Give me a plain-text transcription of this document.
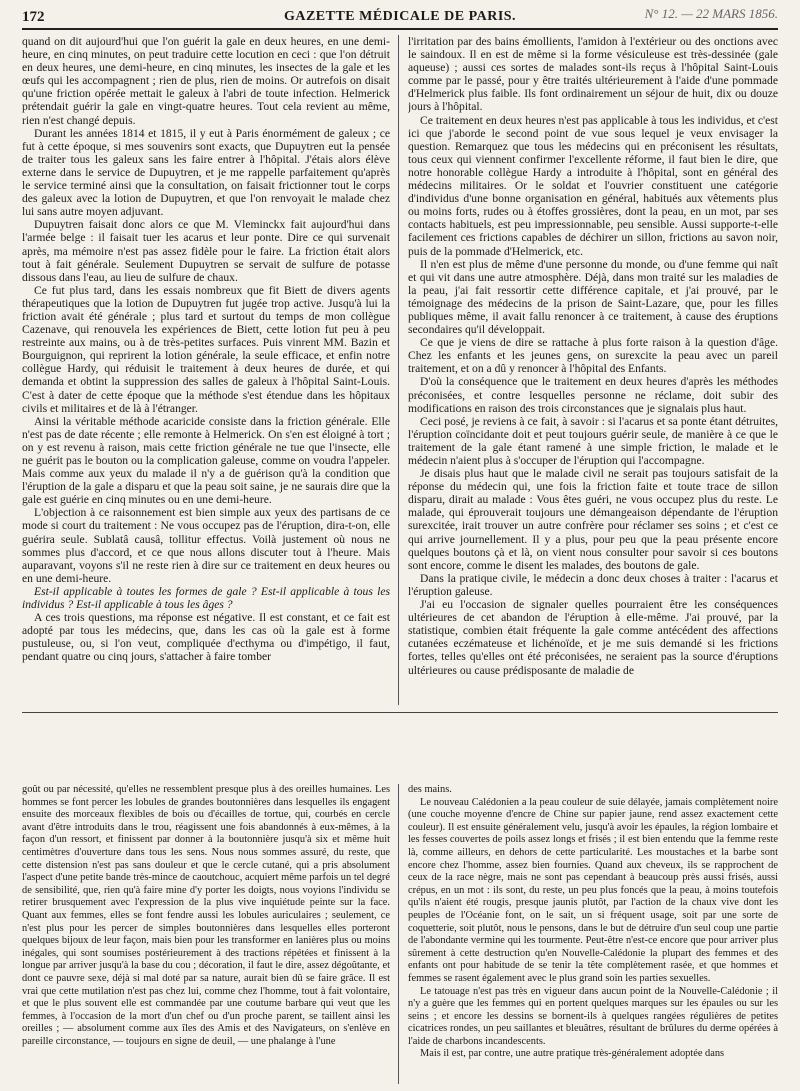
172	GAZETTE MÉDICALE DE PARIS.	N° 12. — 22 MARS 1856.

quand on dit aujourd'hui que l'on guérit la gale en deux heures, en une demi-heure, en cinq minutes, on peut traduire cette locution en ceci : que l'on détruit en deux heures, une demi-heure, en cinq minutes, les insectes de la gale et les œufs qui les accompagnent ; rien de plus, rien de moins. Or autrefois on disait qu'une friction opérée mettait le galeux à l'abri de toute infection. Helmerick prétendait guérir la gale en vingt-quatre heures. Tout cela revient au même, rien n'est changé depuis.

Durant les années 1814 et 1815, il y eut à Paris énormément de galeux ; ce fut à cette époque, si mes souvenirs sont exacts, que Dupuytren eut la pensée de traiter tous les galeux sans les faire entrer à l'hôpital. J'étais alors élève externe dans le service de Dupuytren, et je me rappelle parfaitement qu'après le service terminé ainsi que la consultation, on faisait frictionner tout le corps des galeux avec la lotion de Dupuytren, et que l'on renvoyait le malade chez lui sans autre moyen adjuvant.

Dupuytren faisait donc alors ce que M. Vleminckx fait aujourd'hui dans l'armée belge : il faisait tuer les acarus et leur ponte. Dire ce qui survenait après, ma mémoire n'est pas assez fidèle pour le faire. La friction était alors tout à fait générale. Seulement Dupuytren se servait de sulfure de potasse dissous dans l'eau, au lieu de sulfure de chaux.

Ce fut plus tard, dans les essais nombreux que fit Biett de divers agents thérapeutiques que la lotion de Dupuytren fut jugée trop active. Jusqu'à lui la friction avait été générale ; plus tard et surtout du temps de mon collègue Cazenave, qui renouvela les expériences de Biett, cette lotion fut peu à peu restreinte aux mains, ou à de très-petites surfaces. Puis vinrent MM. Bazin et Bourguignon, qui reprirent la lotion générale, la seule efficace, et enfin notre collègue Hardy, qui réduisit le traitement à deux heures de durée, et qui demanda et obtint la suppression des salles de galeux à l'hôpital Saint-Louis. C'est à dater de cette époque que la méthode s'est étendue dans les hôpitaux civils et militaires et de là à l'étranger.

Ainsi la véritable méthode acaricide consiste dans la friction générale. Elle n'est pas de date récente ; elle remonte à Helmerick. On s'en est éloigné à tort ; on y est revenu à raison, mais cette friction générale ne tue que l'insecte, elle ne guérit pas le bouton ou la complication galeuse, comme on voudra l'appeler. Mais comme aux yeux du malade il n'y a de guérison qu'à la condition que l'éruption de la gale a disparu et que la peau soit saine, je ne saurais dire que la gale est guérie en cinq minutes ou en une demi-heure.

L'objection à ce raisonnement est bien simple aux yeux des partisans de ce mode si court du traitement : Ne vous occupez pas de l'éruption, dira-t-on, elle guérira seule. Sublatâ causâ, tollitur effectus. Voilà justement où nous ne sommes plus d'accord, et ce que nous allons discuter tout à l'heure. Mais auparavant, voyons s'il ne reste rien à dire sur ce traitement en deux heures ou en une demi-heure.

Est-il applicable à toutes les formes de gale ? Est-il applicable à tous les individus ? Est-il applicable à tous les âges ?

A ces trois questions, ma réponse est négative. Il est constant, et ce fait est adopté par tous les médecins, que, dans les cas où la gale est à forme pustuleuse, ou, si l'on veut, compliquée d'ecthyma ou d'impétigo, il faut, pendant quatre ou cinq jours, s'attacher à faire tomber

l'irritation par des bains émollients, l'amidon à l'extérieur ou des onctions avec le saindoux. Il en est de même si la forme vésiculeuse est très-dessinée (gale aqueuse) ; aussi ces sortes de malades sont-ils reçus à l'hôpital Saint-Louis comme par le passé, pour y être traités ultérieurement à l'aide d'une pommade d'Helmerick plus faible. Ils font ordinairement un séjour de huit, dix ou douze jours à l'hôpital.

Ce traitement en deux heures n'est pas applicable à tous les individus, et c'est ici que j'aborde le second point de vue sous lequel je veux envisager la question. Remarquez que tous les médecins qui en préconisent les résultats, tous ceux qui viennent confirmer l'excellente réforme, il faut bien le dire, que notre honorable collègue Hardy a introduite à l'hôpital, sont en général des médecins militaires. Or le soldat et l'ouvrier constituent une catégorie d'individus d'une bonne organisation en général, habitués aux vêtements plus ou moins forts, rudes ou à étoffes grossières, dont la peau, en un mot, par ses contacts habituels, est peu impressionnable, peu sensible. Aussi supporte-t-elle facilement ces frictions capables de déchirer un sillon, frictions au savon noir, puis de la pommade d'Helmerick, etc.

Il n'en est plus de même d'une personne du monde, ou d'une femme qui naît et qui vit dans une autre atmosphère. Déjà, dans mon traité sur les maladies de la peau, j'ai fait ressortir cette différence capitale, et j'ai prouvé, par le témoignage des médecins de la prison de Saint-Lazare, que, pour les filles publiques même, il avait fallu renoncer à ce traitement, à cause des éruptions secondaires qu'il développait.

Ce que je viens de dire se rattache à plus forte raison à la question d'âge. Chez les enfants et les jeunes gens, on surexcite la peau avec un pareil traitement, et on a dû y renoncer à l'hôpital des Enfants.

D'où la conséquence que le traitement en deux heures d'après les méthodes préconisées, et contre lesquelles personne ne réclame, doit subir des modifications en raison des trois circonstances que je signalais plus haut.

Ceci posé, je reviens à ce fait, à savoir : si l'acarus et sa ponte étant détruites, l'éruption coïncidante doit et peut toujours guérir seule, de manière à ce que le traitement de la gale étant ramené à une simple friction, le malade et le médecin n'aient plus à s'occuper de l'éruption qui l'accompagne.

Je disais plus haut que le malade civil ne serait pas toujours satisfait de la réponse du médecin qui, une fois la friction faite et toute trace de sillon disparu, dirait au malade : Vous êtes guéri, ne vous occupez plus du reste. Le malade, qui éprouverait toujours une démangeaison dépendante de l'éruption surexcitée, irait trouver un autre confrère pour réclamer ses soins ; et c'est ce qui arrive journellement. Il y a plus, pour peu que la peau présente encore quelques boutons çà et là, on vient nous consulter pour savoir si ces boutons sont encore, comme le disent les malades, des boutons de gale.

Dans la pratique civile, le médecin a donc deux choses à traiter : l'acarus et l'éruption galeuse.

J'ai eu l'occasion de signaler quelles pourraient être les conséquences ultérieures de cet abandon de l'éruption à elle-même. J'ai prouvé, par la statistique, combien était fréquente la gale comme antécédent des affections cutanées eczémateuse et lichénoïde, et je me suis demandé si les frictions fortes, telles qu'elles ont été préconisées, ne seraient pas la source d'éruptions ultérieures ou cause prédisposante de maladie de

goût ou par nécessité, qu'elles ne ressemblent presque plus à des oreilles humaines. Les hommes se font percer les lobules de grandes boutonnières dans lesquelles ils engagent ensuite des morceaux flexibles de bois ou d'écailles de tortue, qui, courbés en cercle avant d'être introduits dans le trou, réagissent une fois abandonnés à eux-mêmes, à la façon d'un ressort, et finissent par donner à la boutonnière jusqu'à six et même huit centimètres d'ouverture dans tous les sens. Nous nous sommes assuré, du reste, que cette distension n'est pas sans douleur et que le cercle cutané, qui a pris absolument l'aspect d'une petite bande très-mince de caoutchouc, acquiert même parfois un tel degré de sensibilité, que, rien qu'à faire mine d'y porter les doigts, nous voyions l'individu se retirer brusquement avec l'expression de la plus vive inquiétude peinte sur la face. Quant aux femmes, elles se font fendre aussi les lobules auriculaires ; seulement, ce n'est plus pour les percer de simples boutonnières dans lesquelles elles porteront quelques bijoux de leur façon, mais bien pour les transformer en lanières plus ou moins inégales, qui sont soumises postérieurement à des tractions répétées et finissent à la longue par arriver jusqu'à la base du cou ; décoration, il faut le dire, assez dégoûtante, et dont ce pauvre sexe, déjà si mal doté par sa nature, aurait bien dû se faire grâce. Il est vrai que cette mutilation n'est pas chez lui, comme chez l'homme, tout à fait volontaire, et que le plus souvent elle est commandée par une coutume barbare qui veut que les femmes, à l'occasion de la mort d'un chef ou d'un proche parent, se taillent ainsi les oreilles ; — absolument comme aux îles des Amis et des Navigateurs, on s'enlève en pareille circonstance, — toujours en signe de deuil, — une phalange à l'une

des mains.

Le nouveau Calédonien a la peau couleur de suie délayée, jamais complètement noire (une couche moyenne d'encre de Chine sur papier jaune, rend assez exactement cette couleur). Il est ensuite généralement velu, jusqu'à avoir les épaules, la région lombaire et les fesses couvertes de poils assez longs et frisés ; il est bien entendu que la femme reste là, comme ailleurs, en dehors de cette particularité. Les moustaches et la barbe sont encore chez l'homme, assez bien fournies. Quand aux cheveux, ils se rapprochent de ceux de la race nègre, mais ne sont pas cependant à beaucoup près aussi frisés, aussi crépus, en un mot : ils sont, du reste, un peu plus foncés que la peau, à moins toutefois qu'ils n'aient été rougis, presque jaunis plutôt, par l'action de la chaux vive dont les peuples de l'Océanie font, on le sait, un si fréquent usage, soit par une sorte de coquetterie, soit plutôt, nous le pensons, dans le but de détruire d'un seul coup une partie de l'abondante vermine qui les tourmente. Peut-être n'est-ce encore que pour arriver plus sûrement à cette destruction qu'en Nouvelle-Calédonie la plupart des femmes et des enfants ont pour habitude de se tenir la tête complètement rasée, et que hommes et femmes se rasent également avec le plus grand soin les parties sexuelles.

Le tatouage n'est pas très en vigueur dans aucun point de la Nouvelle-Calédonie ; il n'y a guère que les femmes qui en portent quelques marques sur les épaules ou sur les seins ; et encore les dessins se bornent-ils à quelques rangées régulières de petites cicatrices rondes, un peu saillantes et bleuâtres, résultant de brûlures du derme opérées à l'aide de charbons incandescents.

Mais il est, par contre, une autre pratique très-généralement adoptée dans
